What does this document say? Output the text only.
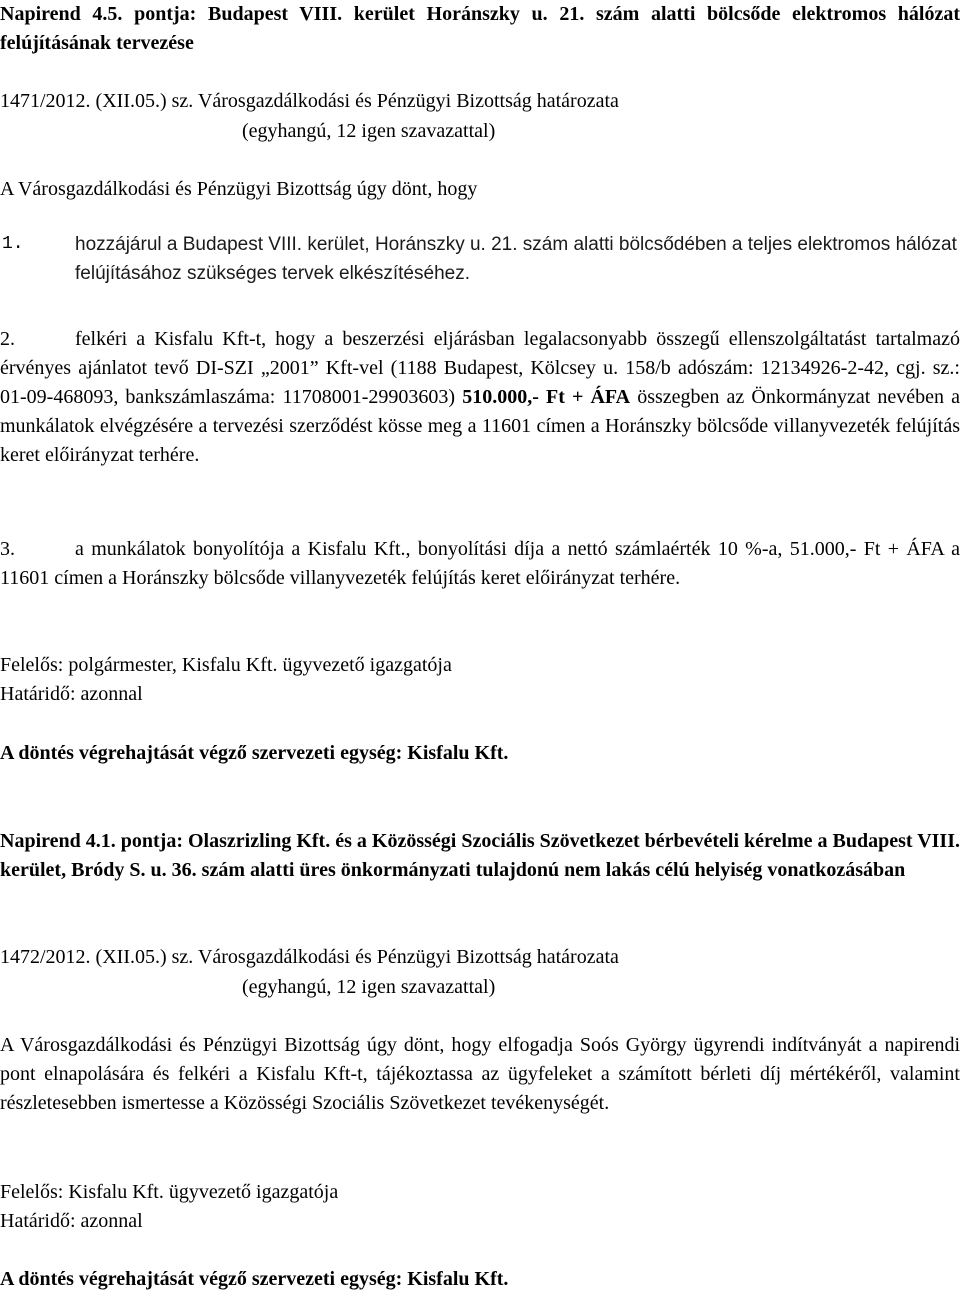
Napirend 4.5. pontja: Budapest VIII. kerület Horánszky u. 21. szám alatti bölcsőde elektromos hálózat felújításának tervezése
1471/2012. (XII.05.) sz. Városgazdálkodási és Pénzügyi Bizottság határozata
(egyhangú, 12 igen szavazattal)
A Városgazdálkodási és Pénzügyi Bizottság úgy dönt, hogy
1.	hozzájárul a Budapest VIII. kerület, Horánszky u. 21. szám alatti bölcsődében a teljes elektromos hálózat felújításához szükséges tervek elkészítéséhez.
2.	felkéri a Kisfalu Kft-t, hogy a beszerzési eljárásban legalacsonyabb összegű ellenszolgáltatást tartalmazó érvényes ajánlatot tevő DI-SZI „2001” Kft-vel (1188 Budapest, Kölcsey u. 158/b adószám: 12134926-2-42, cgj. sz.: 01-09-468093, bankszámlaszáma: 11708001-29903603) 510.000,- Ft + ÁFA összegben az Önkormányzat nevében a munkálatok elvégzésére a tervezési szerződést kösse meg a 11601 címen a Horánszky bölcsőde villanyvezeték felújítás keret előirányzat terhére.
3.	a munkálatok bonyolítója a Kisfalu Kft., bonyolítási díja a nettó számlaérték 10 %-a, 51.000,- Ft + ÁFA a 11601 címen a Horánszky bölcsőde villanyvezeték felújítás keret előirányzat terhére.
Felelős: polgármester, Kisfalu Kft. ügyvezető igazgatója
Határidő: azonnal
A döntés végrehajtását végző szervezeti egység: Kisfalu Kft.
Napirend 4.1. pontja: Olaszrizling Kft. és a Közösségi Szociális Szövetkezet bérbevételi kérelme a Budapest VIII. kerület, Bródy S. u. 36. szám alatti üres önkormányzati tulajdonú nem lakás célú helyiség vonatkozásában
1472/2012. (XII.05.) sz. Városgazdálkodási és Pénzügyi Bizottság határozata
(egyhangú, 12 igen szavazattal)
A Városgazdálkodási és Pénzügyi Bizottság úgy dönt, hogy elfogadja Soós György ügyrendi indítványát a napirendi pont elnapolására és felkéri a Kisfalu Kft-t, tájékoztassa az ügyfeleket a számított bérleti díj mértékéről, valamint részletesebben ismertesse a Közösségi Szociális Szövetkezet tevékenységét.
Felelős: Kisfalu Kft. ügyvezető igazgatója
Határidő: azonnal
A döntés végrehajtását végző szervezeti egység: Kisfalu Kft.
